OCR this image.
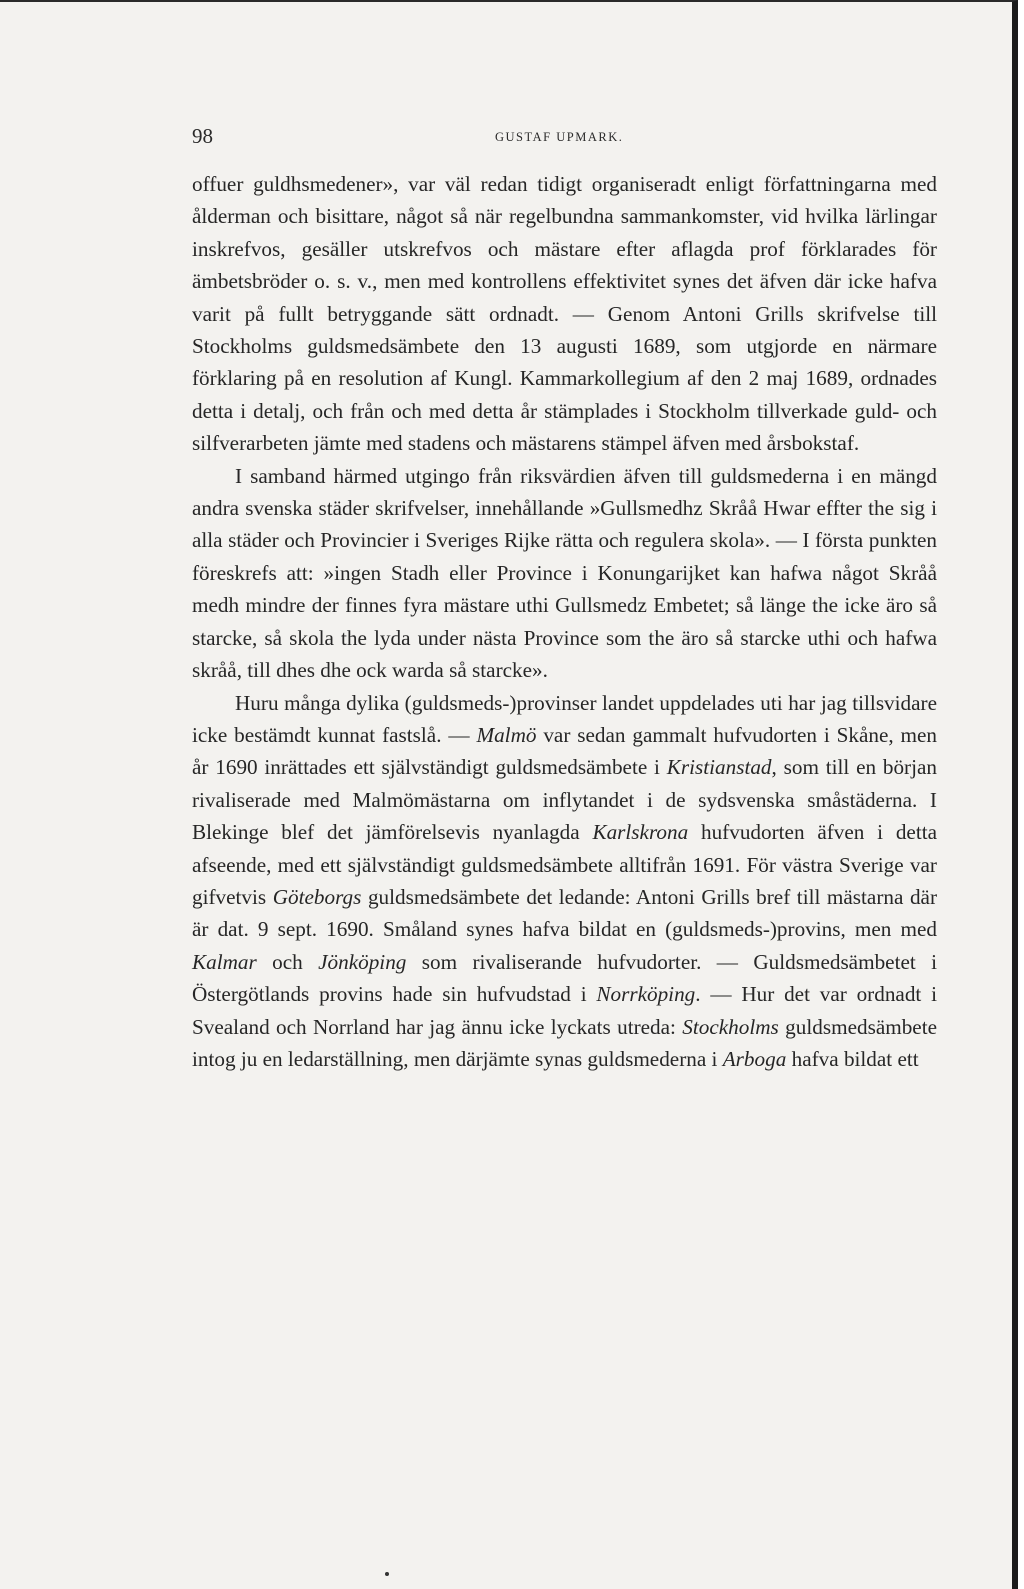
98	GUSTAF UPMARK.

offuer guldhsmedener», var väl redan tidigt organiseradt enligt författningarna med ålderman och bisittare, något så när regelbundna sammankomster, vid hvilka lärlingar inskrefvos, gesäller utskrefvos och mästare efter aflagda prof förklarades för ämbetsbröder o. s. v., men med kontrollens effektivitet synes det äfven där icke hafva varit på fullt betryggande sätt ordnadt. — Genom Antoni Grills skrifvelse till Stockholms guldsmedsämbete den 13 augusti 1689, som utgjorde en närmare förklaring på en resolution af Kungl. Kammarkollegium af den 2 maj 1689, ordnades detta i detalj, och från och med detta år stämplades i Stockholm tillverkade guld- och silfverarbeten jämte med stadens och mästarens stämpel äfven med årsbokstaf.

I samband härmed utgingo från riksvärdien äfven till guldsmederna i en mängd andra svenska städer skrifvelser, innehållande »Gullsmedhz Skråå Hwar effter the sig i alla städer och Provincier i Sveriges Rijke rätta och regulera skola». — I första punkten föreskrefs att: »ingen Stadh eller Province i Konungarijket kan hafwa något Skråå medh mindre der finnes fyra mästare uthi Gullsmedz Embetet; så länge the icke äro så starcke, så skola the lyda under nästa Province som the äro så starcke uthi och hafwa skråå, till dhes dhe ock warda så starcke».

Huru många dylika (guldsmeds-)provinser landet uppdelades uti har jag tillsvidare icke bestämdt kunnat fastslå. — Malmö var sedan gammalt hufvudorten i Skåne, men år 1690 inrättades ett självständigt guldsmedsämbete i Kristianstad, som till en början rivaliserade med Malmömästarna om inflytandet i de sydsvenska småstäderna. I Blekinge blef det jämförelsevis nyanlagda Karlskrona hufvudorten äfven i detta afseende, med ett självständigt guldsmedsämbete alltifrån 1691. För västra Sverige var gifvetvis Göteborgs guldsmedsämbete det ledande: Antoni Grills bref till mästarna där är dat. 9 sept. 1690. Småland synes hafva bildat en (guldsmeds-)provins, men med Kalmar och Jönköping som rivaliserande hufvudorter. — Guldsmedsämbetet i Östergötlands provins hade sin hufvudstad i Norrköping. — Hur det var ordnadt i Svealand och Norrland har jag ännu icke lyckats utreda: Stockholms guldsmedsämbete intog ju en ledarställning, men därjämte synas guldsmederna i Arboga hafva bildat ett
